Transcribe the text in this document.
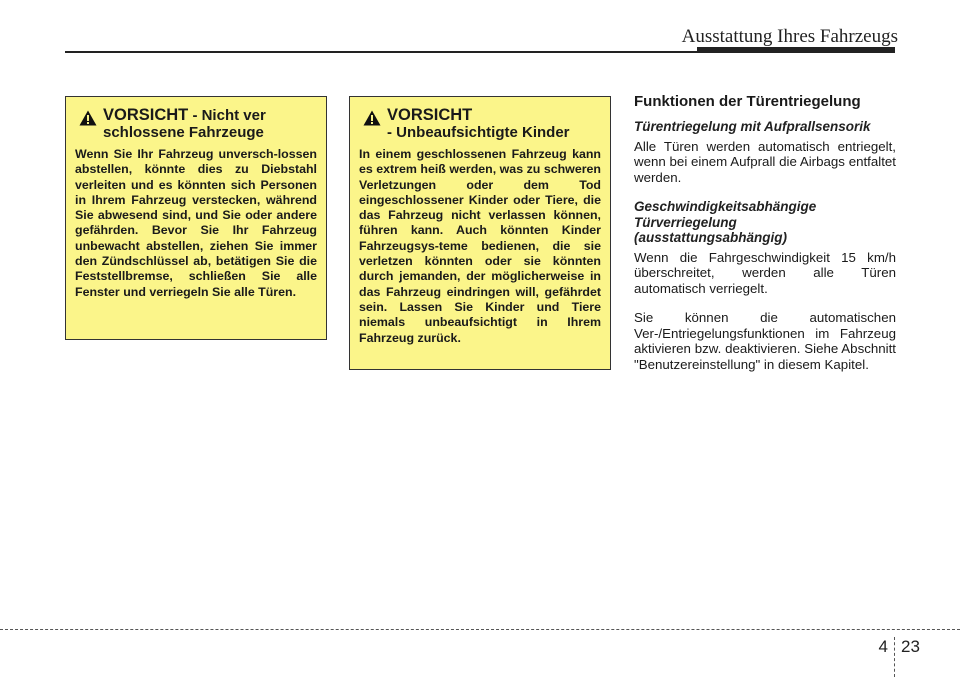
Ausstattung Ihres Fahrzeugs
VORSICHT - Nicht ver
schlossene Fahrzeuge
Wenn Sie Ihr Fahrzeug unversch-lossen abstellen, könnte dies zu Diebstahl verleiten und es könnten sich Personen in Ihrem Fahrzeug verstecken, während Sie abwesend sind, und Sie oder andere gefährden. Bevor Sie Ihr Fahrzeug unbewacht abstellen, ziehen Sie immer den Zündschlüssel ab, betätigen Sie die Feststellbremse, schließen Sie alle Fenster und verriegeln Sie alle Türen.
VORSICHT
- Unbeaufsichtigte Kinder
In einem geschlossenen Fahrzeug kann es extrem heiß werden, was zu schweren Verletzungen oder dem Tod eingeschlossener Kinder oder Tiere, die das Fahrzeug nicht verlassen können, führen kann. Auch könnten Kinder Fahrzeugsys-teme bedienen, die sie verletzen könnten oder sie könnten durch jemanden, der möglicherweise in das Fahrzeug eindringen will, gefährdet sein. Lassen Sie Kinder und Tiere niemals unbeaufsichtigt in Ihrem Fahrzeug zurück.
Funktionen der Türentriegelung
Türentriegelung mit Aufprallsensorik
Alle Türen werden automatisch entriegelt, wenn bei einem Aufprall die Airbags entfaltet werden.
Geschwindigkeitsabhängige
Türverriegelung
(ausstattungsabhängig)
Wenn die Fahrgeschwindigkeit 15 km/h überschreitet, werden alle Türen automatisch verriegelt.
Sie können die automatischen Ver-/Entriegelungsfunktionen im Fahrzeug aktivieren bzw. deaktivieren. Siehe Abschnitt "Benutzereinstellung" in diesem Kapitel.
4 23
